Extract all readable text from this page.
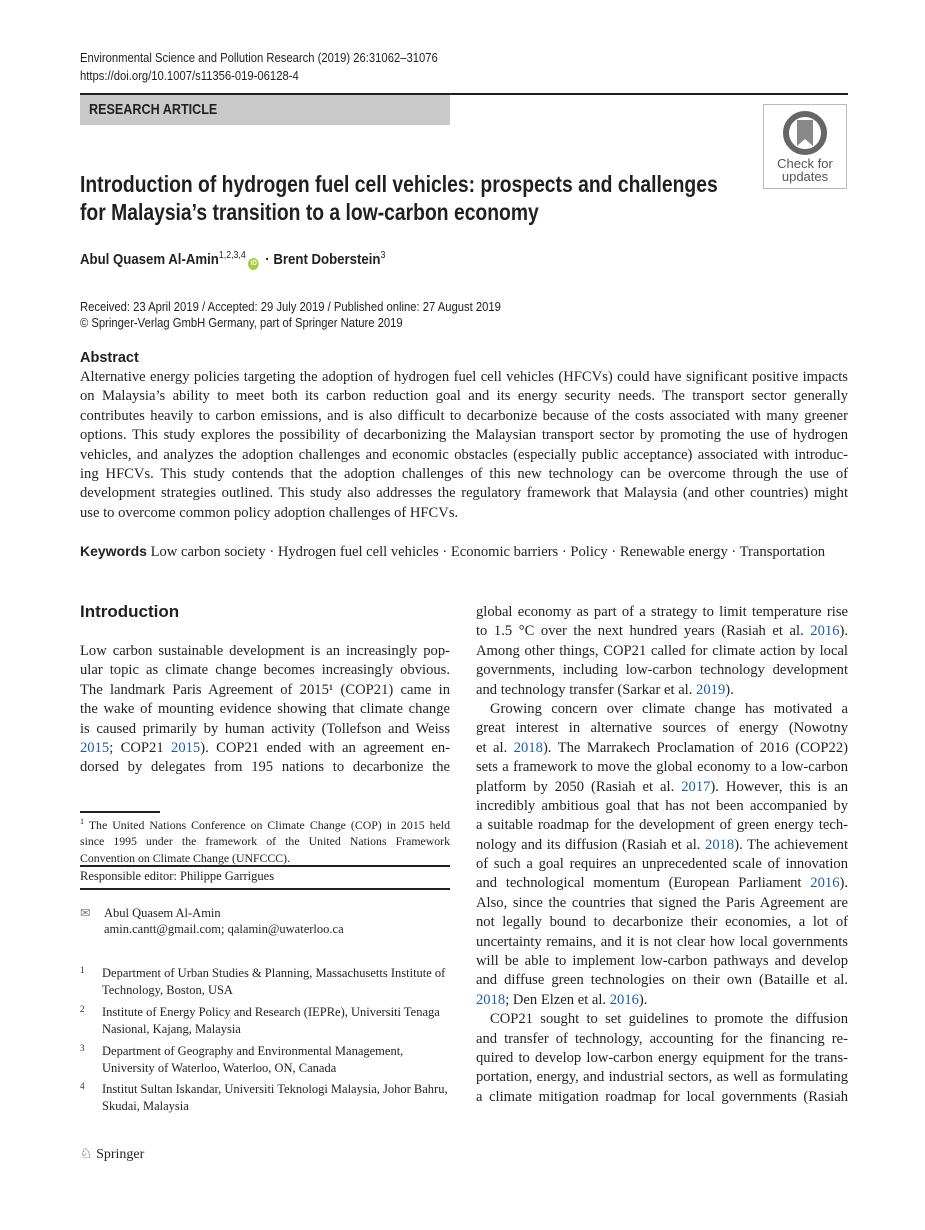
Environmental Science and Pollution Research (2019) 26:31062–31076
https://doi.org/10.1007/s11356-019-06128-4
RESEARCH ARTICLE
Check for
updates
Introduction of hydrogen fuel cell vehicles: prospects and challenges
for Malaysia’s transition to a low-carbon economy
Abul Quasem Al-Amin$^{1,2,3,4}$iD · Brent Doberstein$^3$
Received: 23 April 2019 / Accepted: 29 July 2019 / Published online: 27 August 2019
© Springer-Verlag GmbH Germany, part of Springer Nature 2019
Abstract
Alternative energy policies targeting the adoption of hydrogen fuel cell vehicles (HFCVs) could have significant positive impacts
on Malaysia’s ability to meet both its carbon reduction goal and its energy security needs. The transport sector generally
contributes heavily to carbon emissions, and is also difficult to decarbonize because of the costs associated with many greener
options. This study explores the possibility of decarbonizing the Malaysian transport sector by promoting the use of hydrogen
vehicles, and analyzes the adoption challenges and economic obstacles (especially public acceptance) associated with introduc-
ing HFCVs. This study contends that the adoption challenges of this new technology can be overcome through the use of
development strategies outlined. This study also addresses the regulatory framework that Malaysia (and other countries) might
use to overcome common policy adoption challenges of HFCVs.
Keywords Low carbon society · Hydrogen fuel cell vehicles · Economic barriers · Policy · Renewable energy · Transportation
Introduction
Low carbon sustainable development is an increasingly pop-
ular topic as climate change becomes increasingly obvious.
The landmark Paris Agreement of 2015¹ (COP21) came in
the wake of mounting evidence showing that climate change
is caused primarily by human activity (Tollefson and Weiss
2015; COP21 2015). COP21 ended with an agreement en-
dorsed by delegates from 195 nations to decarbonize the
global economy as part of a strategy to limit temperature rise
to 1.5 °C over the next hundred years (Rasiah et al. 2016).
Among other things, COP21 called for climate action by local
governments, including low-carbon technology development
and technology transfer (Sarkar et al. 2019).
Growing concern over climate change has motivated a
great interest in alternative sources of energy (Nowotny
et al. 2018). The Marrakech Proclamation of 2016 (COP22)
sets a framework to move the global economy to a low-carbon
platform by 2050 (Rasiah et al. 2017). However, this is an
incredibly ambitious goal that has not been accompanied by
a suitable roadmap for the development of green energy tech-
nology and its diffusion (Rasiah et al. 2018). The achievement
of such a goal requires an unprecedented scale of innovation
and technological momentum (European Parliament 2016).
Also, since the countries that signed the Paris Agreement are
not legally bound to decarbonize their economies, a lot of
uncertainty remains, and it is not clear how local governments
will be able to implement low-carbon pathways and develop
and diffuse green technologies on their own (Bataille et al.
2018; Den Elzen et al. 2016).
COP21 sought to set guidelines to promote the diffusion
and transfer of technology, accounting for the financing re-
quired to develop low-carbon energy equipment for the trans-
portation, energy, and industrial sectors, as well as formulating
a climate mitigation roadmap for local governments (Rasiah
$^1$ The United Nations Conference on Climate Change (COP) in 2015 held since 1995 under the framework of the United Nations Framework Convention on Climate Change (UNFCCC).
Responsible editor: Philippe Garrigues
✉ Abul Quasem Al-Amin
amin.cantt@gmail.com; qalamin@uwaterloo.ca
1 Department of Urban Studies & Planning, Massachusetts Institute of Technology, Boston, USA
2 Institute of Energy Policy and Research (IEPRe), Universiti Tenaga Nasional, Kajang, Malaysia
3 Department of Geography and Environmental Management, University of Waterloo, Waterloo, ON, Canada
4 Institut Sultan Iskandar, Universiti Teknologi Malaysia, Johor Bahru, Skudai, Malaysia
♘ Springer
